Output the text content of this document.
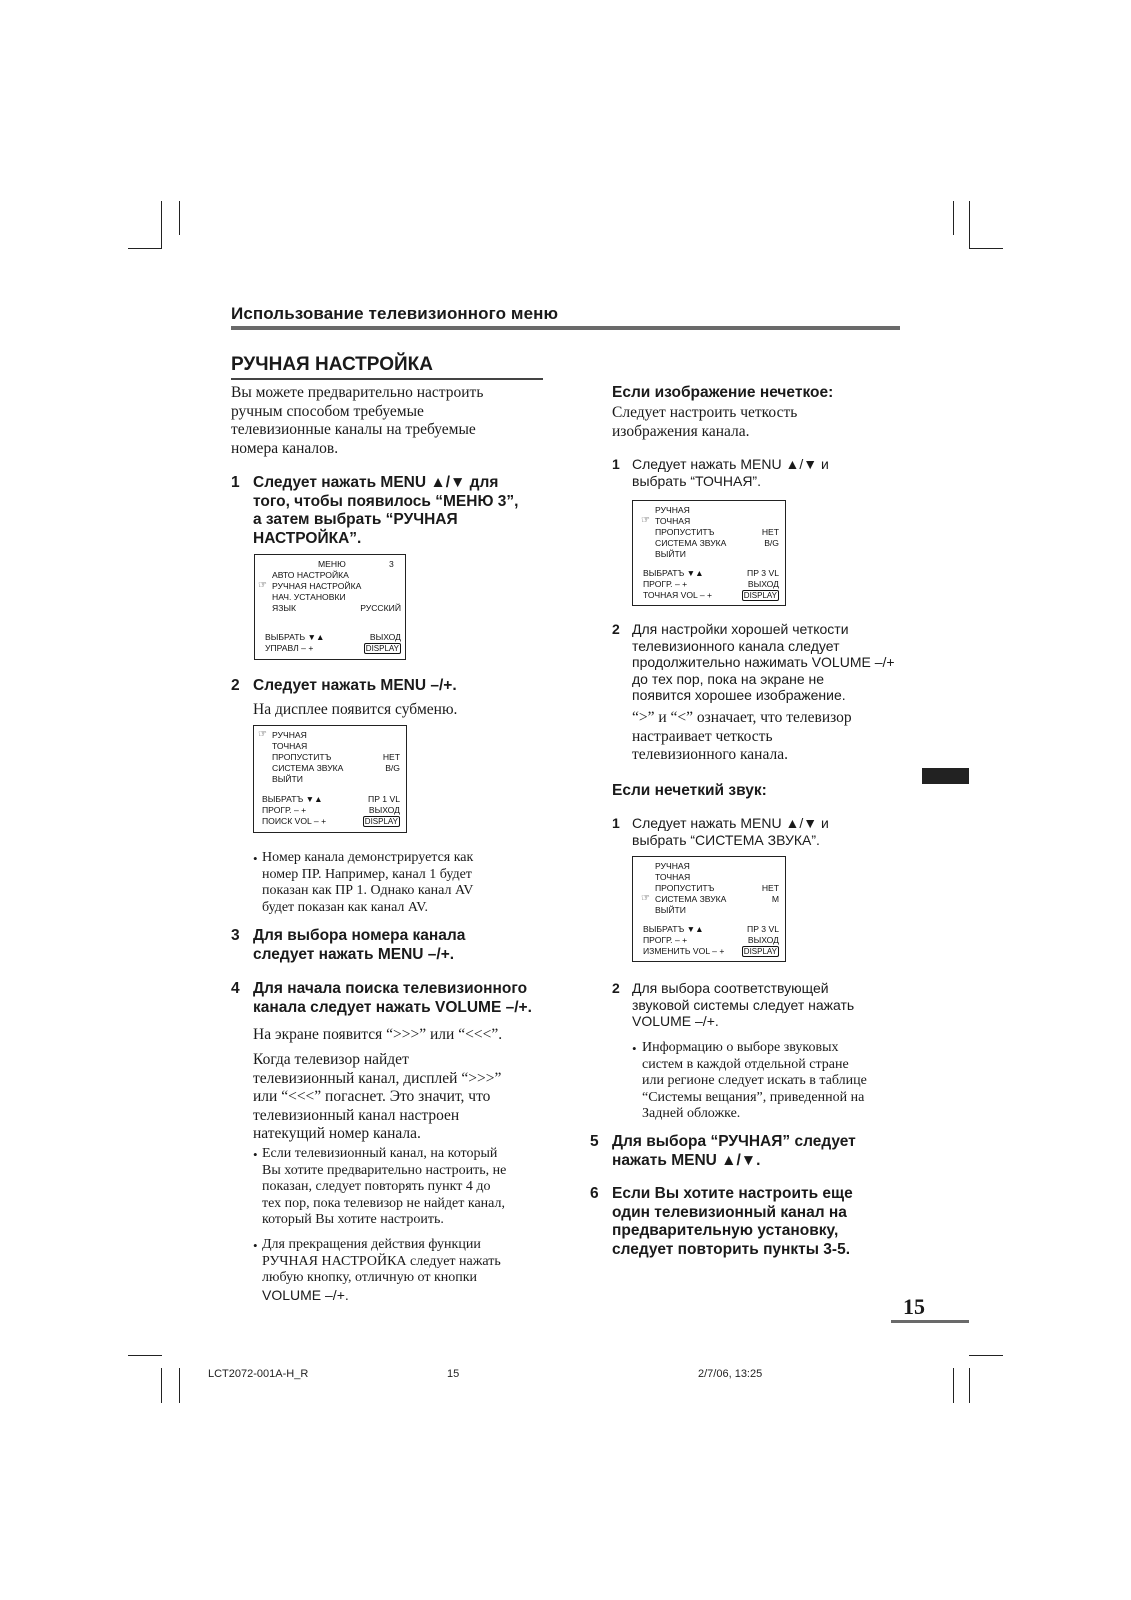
Использование телевизионного меню
РУЧНАЯ НАСТРОЙКА
Вы можете предварительно настроить
ручным способом требуемые
телевизионные каналы на требуемые
номера каналов.
1 Следует нажать MENU ▲/▼ для
того, чтобы появилось “МЕНЮ 3”,
а затем выбрать “РУЧНАЯ
НАСТРОЙКА”.
МЕНЮ	3
АВТО НАСТРОЙКА
☞ РУЧНАЯ НАСТРОЙКА
НАЧ. УСТАНОВКИ
ЯЗЫК	РУССКИЙ
ВЫБРАТЬ ▼▲	ВЫХОД
УПРАВЛ – +	DISPLAY
2 Следует нажать MENU –/+.
На дисплее появится субменю.
☞ РУЧНАЯ
ТОЧНАЯ
ПРОПУСТИТЪ	НЕТ
СИСТЕМА ЗВУКА	B/G
ВЫЙТИ
ВЫБРАТЪ ▼▲	ПР 1 VL
ПРОГР. – +	ВЫХОД
ПОИСК VOL – +	DISPLAY
• Номер канала демонстрируется как
номер ПР. Например, канал 1 будет
показан как ПР 1. Однако канал AV
будет показан как канал AV.
3 Для выбора номера канала
следует нажать MENU –/+.
4 Для начала поиска телевизионного
канала следует нажать VOLUME –/+.
На экране появится “>>>” или “<<<”.
Когда телевизор найдет
телевизионный канал, дисплей “>>>”
или “<<<” погаснет. Это значит, что
телевизионный канал настроен
натекущий номер канала.
• Если телевизионный канал, на который
Вы хотите предварительно настроить, не
показан, следует повторять пункт 4 до
тех пор, пока телевизор не найдет канал,
который Вы хотите настроить.
• Для прекращения действия функции
РУЧНАЯ НАСТРОЙКА следует нажать
любую кнопку, отличную от кнопки
VOLUME –/+.
Если изображение нечеткое:
Следует настроить четкость
изображения канала.
1 Следует нажать MENU ▲/▼ и
выбрать “ТОЧНАЯ”.
РУЧНАЯ
☞ ТОЧНАЯ
ПРОПУСТИТЪ	НЕТ
СИСТЕМА ЗВУКА	B/G
ВЫЙТИ
ВЫБРАТЪ ▼▲	ПР 3 VL
ПРОГР. – +	ВЫХОД
ТОЧНАЯ VOL – +	DISPLAY
2 Для настройки хорошей четкости
телевизионного канала следует
продолжительно нажимать VOLUME –/+
до тех пор, пока на экране не
появится хорошее изображение.
“>” и “<” означает, что телевизор
настраивает четкость
телевизионного канала.
Если нечеткий звук:
1 Следует нажать MENU ▲/▼ и
выбрать “СИСТЕМА ЗВУКА”.
РУЧНАЯ
ТОЧНАЯ
ПРОПУСТИТЪ	НЕТ
☞ СИСТЕМА ЗВУКА	M
ВЫЙТИ
ВЫБРАТЪ ▼▲	ПР 3 VL
ПРОГР. – +	ВЫХОД
ИЗМЕНИТЬ VOL – + DISPLAY
2 Для выбора соответствующей
звуковой системы следует нажать
VOLUME –/+.
• Информацию о выборе звуковых
систем в каждой отдельной стране
или регионе следует искать в таблице
“Системы вещания”, приведенной на
Задней обложке.
5 Для выбора “РУЧНАЯ” следует
нажать MENU ▲/▼.
6 Если Вы хотите настроить еще
один телевизионный канал на
предварительную установку,
следует повторить пункты 3-5.
15
LCT2072-001A-H_R	15	2/7/06, 13:25
